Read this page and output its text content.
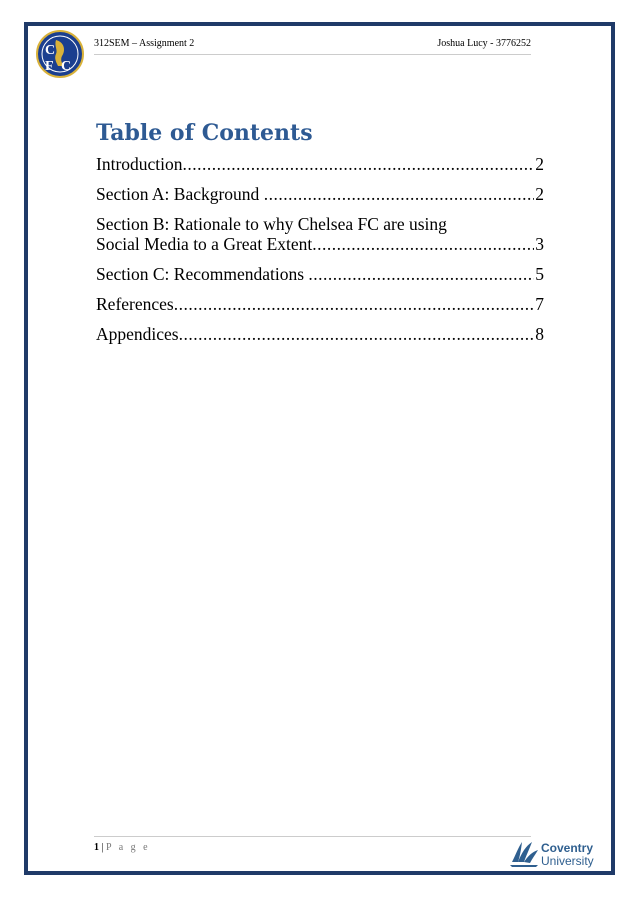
C
F C
312SEM – Assignment 2	Joshua Lucy - 3776252
Table of Contents
Introduction .....	2
Section A: Background .....	2
Section B: Rationale to why Chelsea FC are using
Social Media to a Great Extent .....	3
Section C: Recommendations .....	5
References .....	7
Appendices .....	8
1 | P a g e	Coventry
University
